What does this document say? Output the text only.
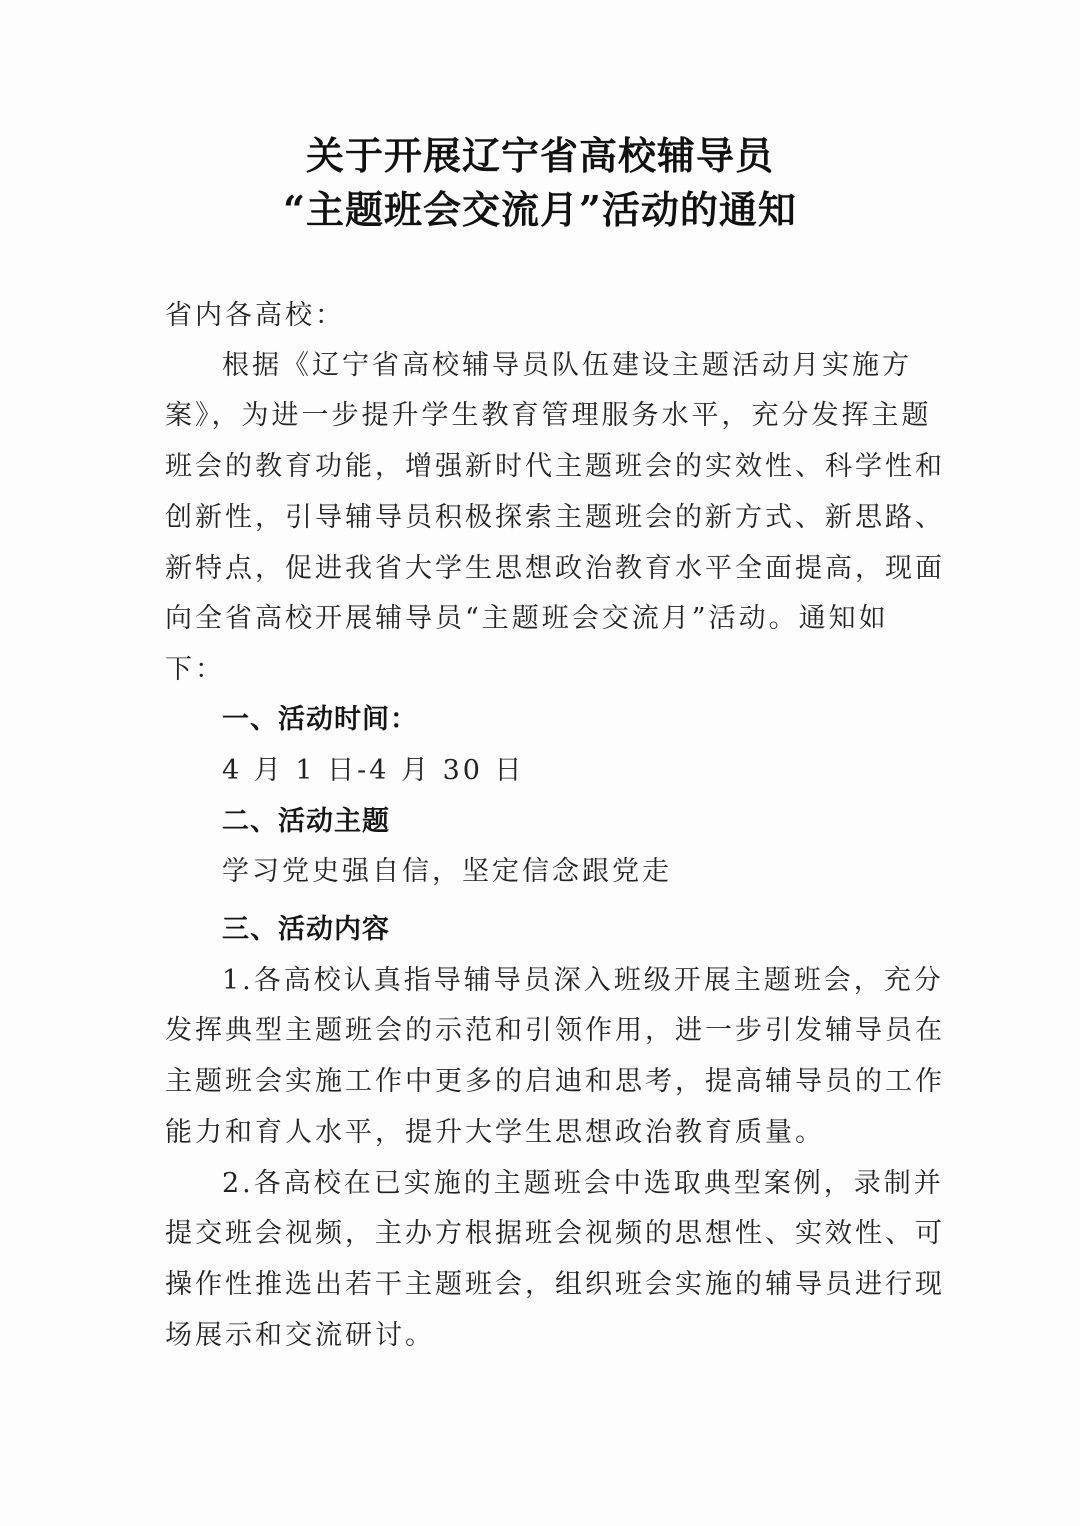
关于开展辽宁省高校辅导员
“主题班会交流月”活动的通知
省内各高校：
根据《辽宁省高校辅导员队伍建设主题活动月实施方
案》，为进一步提升学生教育管理服务水平，充分发挥主题
班会的教育功能，增强新时代主题班会的实效性、科学性和
创新性，引导辅导员积极探索主题班会的新方式、新思路、
新特点，促进我省大学生思想政治教育水平全面提高，现面
向全省高校开展辅导员“主题班会交流月”活动。通知如
下：
一、活动时间：
4 月 1 日-4 月 30 日
二、活动主题
学习党史强自信，坚定信念跟党走
三、活动内容
1.各高校认真指导辅导员深入班级开展主题班会，充分
发挥典型主题班会的示范和引领作用，进一步引发辅导员在
主题班会实施工作中更多的启迪和思考，提高辅导员的工作
能力和育人水平，提升大学生思想政治教育质量。
2.各高校在已实施的主题班会中选取典型案例，录制并
提交班会视频，主办方根据班会视频的思想性、实效性、可
操作性推选出若干主题班会，组织班会实施的辅导员进行现
场展示和交流研讨。
